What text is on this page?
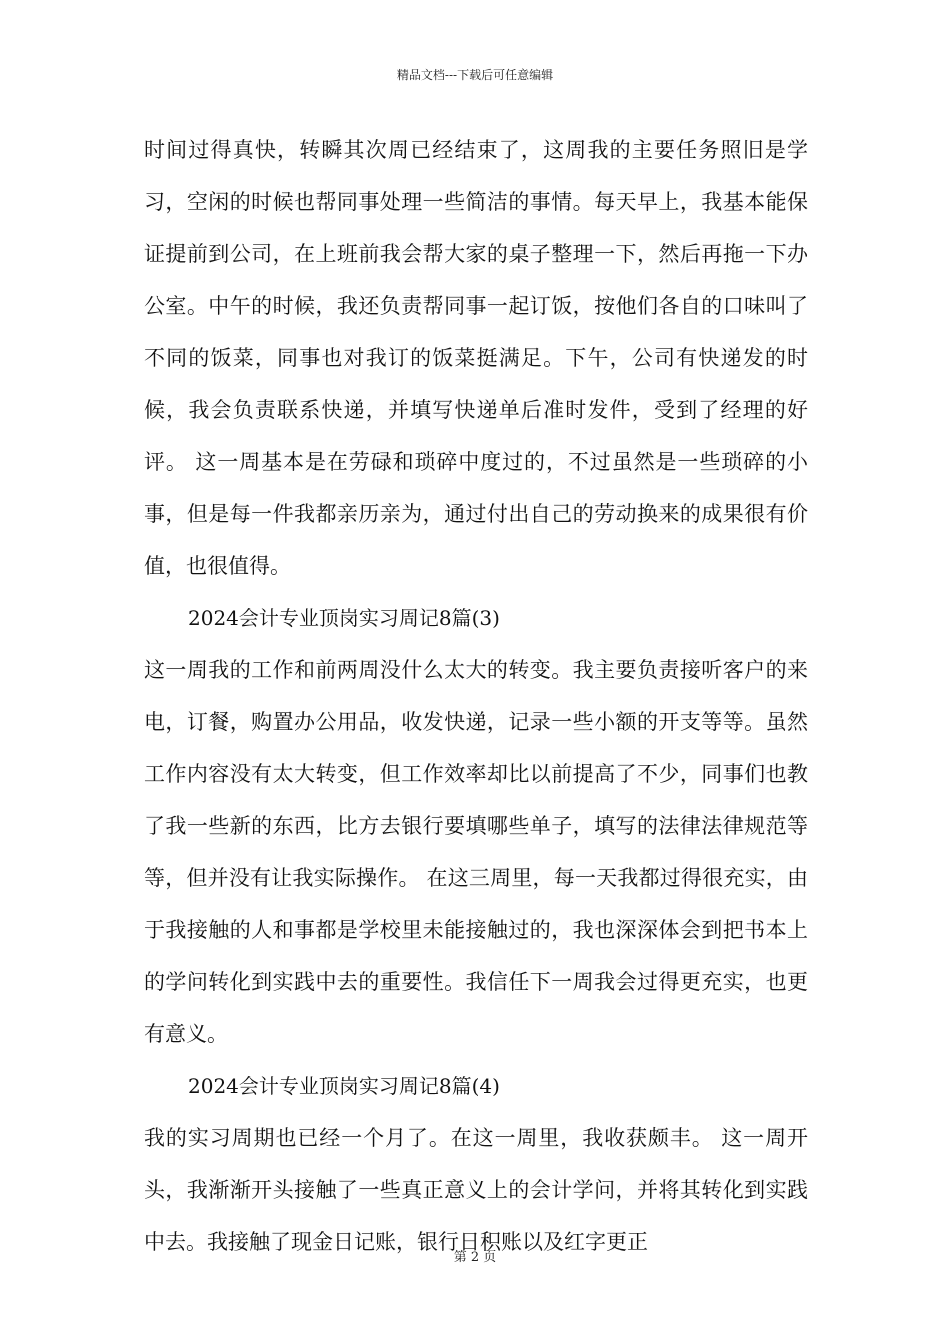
精品文档---下载后可任意编辑

时间过得真快，转瞬其次周已经结束了，这周我的主要任务照旧是学习，空闲的时候也帮同事处理一些简洁的事情。每天早上，我基本能保证提前到公司，在上班前我会帮大家的桌子整理一下，然后再拖一下办公室。中午的时候，我还负责帮同事一起订饭，按他们各自的口味叫了不同的饭菜，同事也对我订的饭菜挺满足。下午，公司有快递发的时候，我会负责联系快递，并填写快递单后准时发件，受到了经理的好评。 这一周基本是在劳碌和琐碎中度过的，不过虽然是一些琐碎的小事，但是每一件我都亲历亲为，通过付出自己的劳动换来的成果很有价值，也很值得。

2024会计专业顶岗实习周记8篇(3)

这一周我的工作和前两周没什么太大的转变。我主要负责接听客户的来电，订餐，购置办公用品，收发快递，记录一些小额的开支等等。虽然工作内容没有太大转变，但工作效率却比以前提高了不少，同事们也教了我一些新的东西，比方去银行要填哪些单子，填写的法律法律规范等等，但并没有让我实际操作。 在这三周里，每一天我都过得很充实，由于我接触的人和事都是学校里未能接触过的，我也深深体会到把书本上的学问转化到实践中去的重要性。我信任下一周我会过得更充实，也更有意义。

2024会计专业顶岗实习周记8篇(4)

我的实习周期也已经一个月了。在这一周里，我收获颇丰。 这一周开头，我渐渐开头接触了一些真正意义上的会计学问，并将其转化到实践中去。我接触了现金日记账，银行日积账以及红字更正

第 2 页
